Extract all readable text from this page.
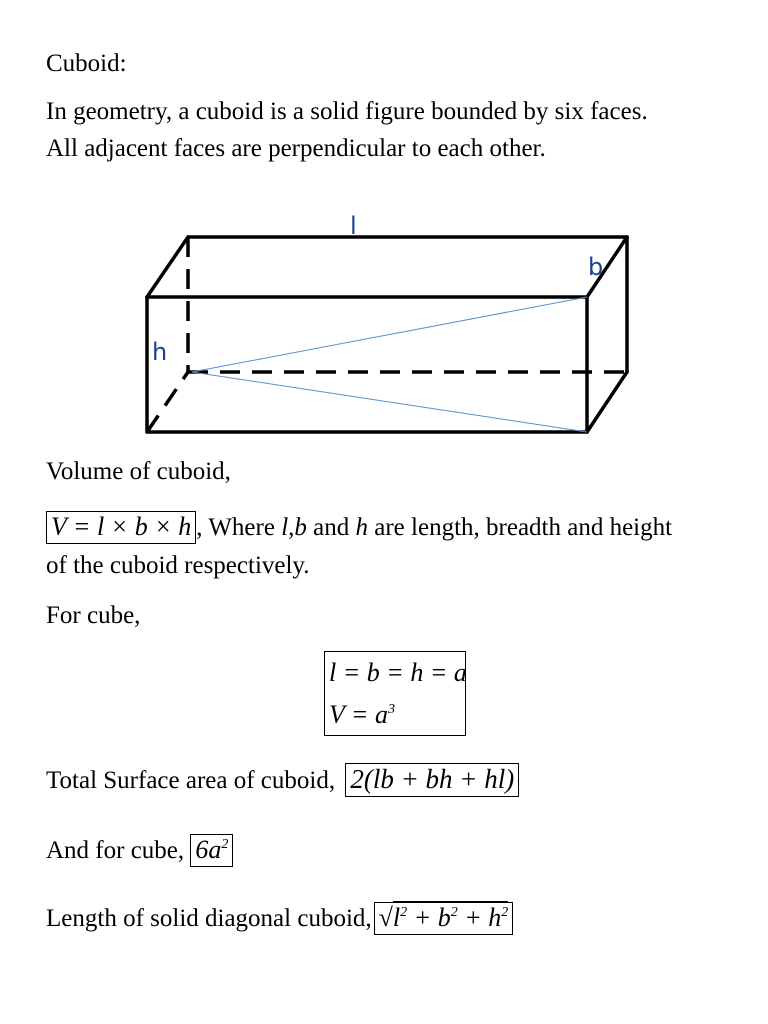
Cuboid:
In geometry, a cuboid is a solid figure bounded by six faces.
All adjacent faces are perpendicular to each other.
l
b
h
Volume of cuboid,
V = l × b × h , Where l,b and h are length, breadth and height
of the cuboid respectively.
For cube,
l = b = h = a
$V = a^3$
Total Surface area of cuboid, 2(lb + bh + hl)
And for cube, $6a^2$
Length of solid diagonal cuboid, $√l^2 + b^2 + h^2$
